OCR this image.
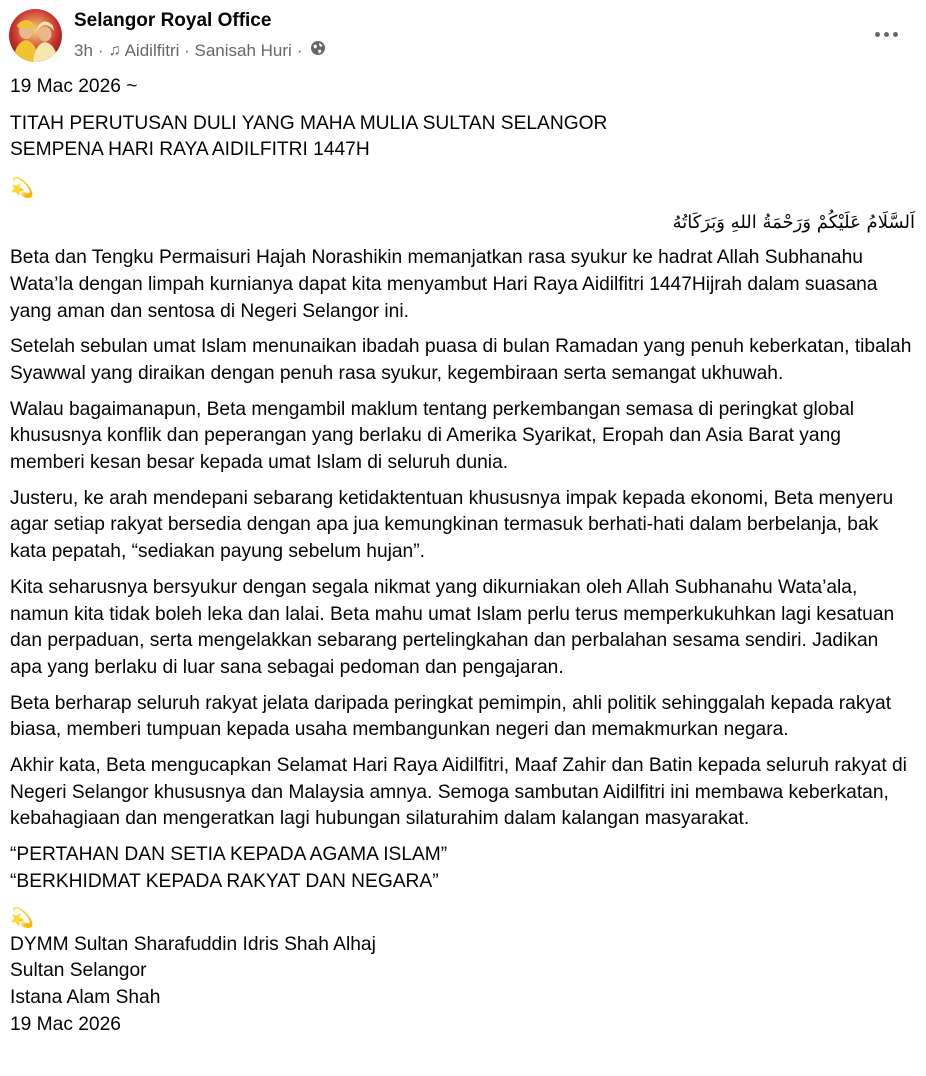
Selangor Royal Office
3h · ♫ Aidilfitri · Sanisah Huri ·

19 Mac 2026 ~

TITAH PERUTUSAN DULI YANG MAHA MULIA SULTAN SELANGOR

SEMPENA HARI RAYA AIDILFITRI 1447H

💫

اَلسَّلَامُ عَلَيْكُمْ وَرَحْمَةُ اللهِ وَبَرَكَاتُهُ

Beta dan Tengku Permaisuri Hajah Norashikin memanjatkan rasa syukur ke hadrat Allah Subhanahu Wata’la dengan limpah kurnianya dapat kita menyambut Hari Raya Aidilfitri 1447Hijrah dalam suasana yang aman dan sentosa di Negeri Selangor ini.

Setelah sebulan umat Islam menunaikan ibadah puasa di bulan Ramadan yang penuh keberkatan, tibalah Syawwal yang diraikan dengan penuh rasa syukur, kegembiraan serta semangat ukhuwah.

Walau bagaimanapun, Beta mengambil maklum tentang perkembangan semasa di peringkat global khususnya konflik dan peperangan yang berlaku di Amerika Syarikat, Eropah dan Asia Barat yang memberi kesan besar kepada umat Islam di seluruh dunia.

Justeru, ke arah mendepani sebarang ketidaktentuan khususnya impak kepada ekonomi, Beta menyeru agar setiap rakyat bersedia dengan apa jua kemungkinan termasuk berhati-hati dalam berbelanja, bak kata pepatah, “sediakan payung sebelum hujan”.

Kita seharusnya bersyukur dengan segala nikmat yang dikurniakan oleh Allah Subhanahu Wata’ala, namun kita tidak boleh leka dan lalai. Beta mahu umat Islam perlu terus memperkukuhkan lagi kesatuan dan perpaduan, serta mengelakkan sebarang pertelingkahan dan perbalahan sesama sendiri. Jadikan apa yang berlaku di luar sana sebagai pedoman dan pengajaran.

Beta berharap seluruh rakyat jelata daripada peringkat pemimpin, ahli politik sehinggalah kepada rakyat biasa, memberi tumpuan kepada usaha membangunkan negeri dan memakmurkan negara.

Akhir kata, Beta mengucapkan Selamat Hari Raya Aidilfitri, Maaf Zahir dan Batin kepada seluruh rakyat di Negeri Selangor khususnya dan Malaysia amnya. Semoga sambutan Aidilfitri ini membawa keberkatan, kebahagiaan dan mengeratkan lagi hubungan silaturahim dalam kalangan masyarakat.

“PERTAHAN DAN SETIA KEPADA AGAMA ISLAM”

“BERKHIDMAT KEPADA RAKYAT DAN NEGARA”

💫

DYMM Sultan Sharafuddin Idris Shah Alhaj

Sultan Selangor

Istana Alam Shah

19 Mac 2026
